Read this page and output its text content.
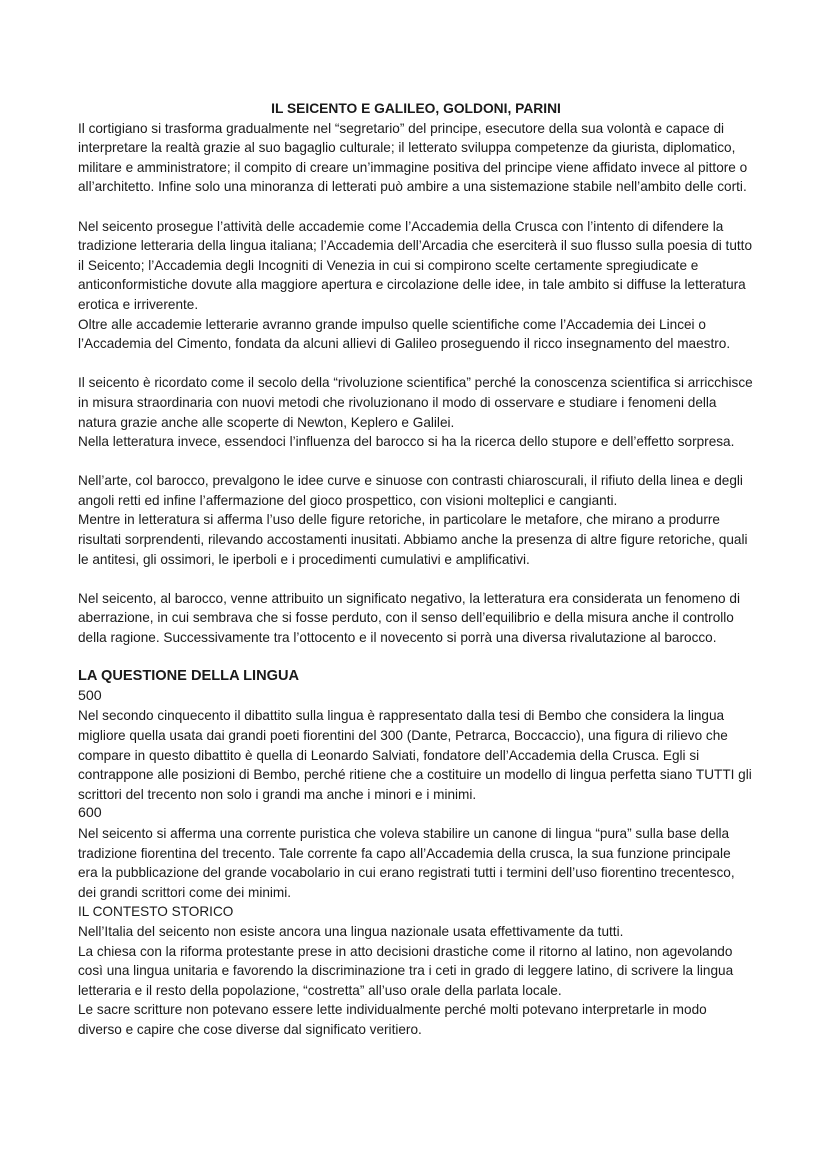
IL SEICENTO E GALILEO, GOLDONI, PARINI

Il cortigiano si trasforma gradualmente nel “segretario” del principe, esecutore della sua volontà e capace di interpretare la realtà grazie al suo bagaglio culturale; il letterato sviluppa competenze da giurista, diplomatico, militare e amministratore; il compito di creare un’immagine positiva del principe viene affidato invece al pittore o all’architetto. Infine solo una minoranza di letterati può ambire a una sistemazione stabile nell’ambito delle corti.

Nel seicento prosegue l’attività delle accademie come l’Accademia della Crusca con l’intento di difendere la tradizione letteraria della lingua italiana; l’Accademia dell’Arcadia che eserciterà il suo flusso sulla poesia di tutto il Seicento; l’Accademia degli Incogniti di Venezia in cui si compirono scelte certamente spregiudicate e anticonformistiche dovute alla maggiore apertura e circolazione delle idee, in tale ambito si diffuse la letteratura erotica e irriverente.

Oltre alle accademie letterarie avranno grande impulso quelle scientifiche come l’Accademia dei Lincei o l’Accademia del Cimento, fondata da alcuni allievi di Galileo proseguendo il ricco insegnamento del maestro.

Il seicento è ricordato come il secolo della “rivoluzione scientifica” perché la conoscenza scientifica si arricchisce in misura straordinaria con nuovi metodi che rivoluzionano il modo di osservare e studiare i fenomeni della natura grazie anche alle scoperte di Newton, Keplero e Galilei.

Nella letteratura invece, essendoci l’influenza del barocco si ha la ricerca dello stupore e dell’effetto sorpresa.

Nell’arte, col barocco, prevalgono le idee curve e sinuose con contrasti chiaroscurali, il rifiuto della linea e degli angoli retti ed infine l’affermazione del gioco prospettico, con visioni molteplici e cangianti.

Mentre in letteratura si afferma l’uso delle figure retoriche, in particolare le metafore, che mirano a produrre risultati sorprendenti, rilevando accostamenti inusitati. Abbiamo anche la presenza di altre figure retoriche, quali le antitesi, gli ossimori, le iperboli e i procedimenti cumulativi e amplificativi.

Nel seicento, al barocco, venne attribuito un significato negativo, la letteratura era considerata un fenomeno di aberrazione, in cui sembrava che si fosse perduto, con il senso dell’equilibrio e della misura anche il controllo della ragione. Successivamente tra l’ottocento e il novecento si porrà una diversa rivalutazione al barocco.

LA QUESTIONE DELLA LINGUA

500

Nel secondo cinquecento il dibattito sulla lingua è rappresentato dalla tesi di Bembo che considera la lingua migliore quella usata dai grandi poeti fiorentini del 300 (Dante, Petrarca, Boccaccio), una figura di rilievo che compare in questo dibattito è quella di Leonardo Salviati, fondatore dell’Accademia della Crusca. Egli si contrappone alle posizioni di Bembo, perché ritiene che a costituire un modello di lingua perfetta siano TUTTI gli scrittori del trecento non solo i grandi ma anche i minori e i minimi.

600

Nel seicento si afferma una corrente puristica che voleva stabilire un canone di lingua “pura” sulla base della tradizione fiorentina del trecento. Tale corrente fa capo all’Accademia della crusca, la sua funzione principale era la pubblicazione del grande vocabolario in cui erano registrati tutti i termini dell’uso fiorentino trecentesco, dei grandi scrittori come dei minimi.

IL CONTESTO STORICO

Nell’Italia del seicento non esiste ancora una lingua nazionale usata effettivamente da tutti.

La chiesa con la riforma protestante prese in atto decisioni drastiche come il ritorno al latino, non agevolando così una lingua unitaria e favorendo la discriminazione tra i ceti in grado di leggere latino, di scrivere la lingua letteraria e il resto della popolazione, “costretta” all’uso orale della parlata locale.

Le sacre scritture non potevano essere lette individualmente perché molti potevano interpretarle in modo diverso e capire che cose diverse dal significato veritiero.
